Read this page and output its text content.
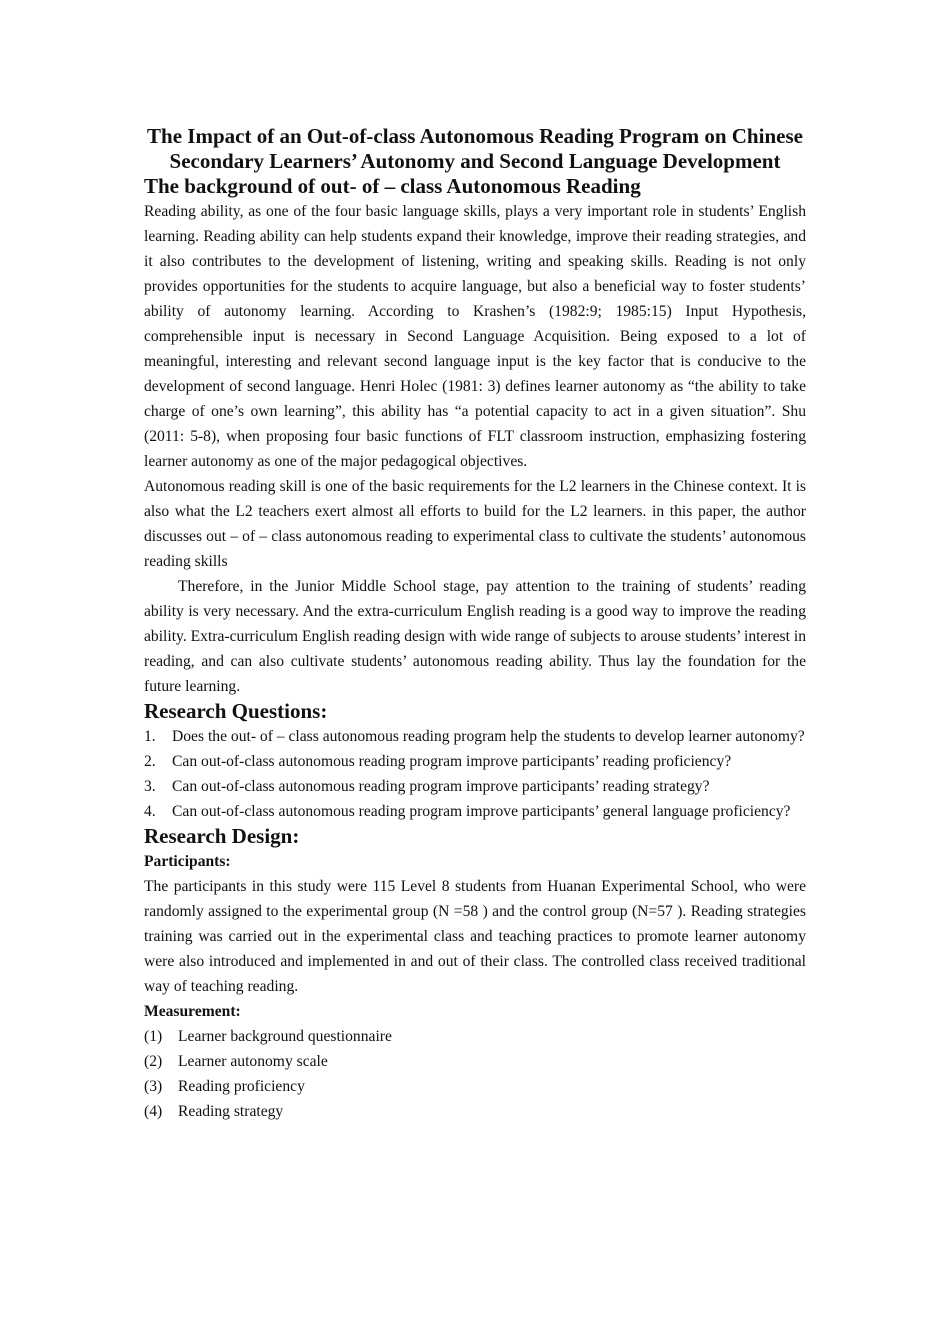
The Impact of an Out-of-class Autonomous Reading Program on Chinese Secondary Learners’ Autonomy and Second Language Development
The background of out- of – class Autonomous Reading

Reading ability, as one of the four basic language skills, plays a very important role in students’ English learning. Reading ability can help students expand their knowledge, improve their reading strategies, and it also contributes to the development of listening, writing and speaking skills. Reading is not only provides opportunities for the students to acquire language, but also a beneficial way to foster students’ ability of autonomy learning. According to Krashen’s (1982:9; 1985:15) Input Hypothesis, comprehensible input is necessary in Second Language Acquisition. Being exposed to a lot of meaningful, interesting and relevant second language input is the key factor that is conducive to the development of second language. Henri Holec (1981: 3) defines learner autonomy as “the ability to take charge of one’s own learning”, this ability has “a potential capacity to act in a given situation”. Shu (2011: 5-8), when proposing four basic functions of FLT classroom instruction, emphasizing fostering learner autonomy as one of the major pedagogical objectives.

Autonomous reading skill is one of the basic requirements for the L2 learners in the Chinese context. It is also what the L2 teachers exert almost all efforts to build for the L2 learners. in this paper, the author discusses out – of – class autonomous reading to experimental class to cultivate the students’ autonomous reading skills

Therefore, in the Junior Middle School stage, pay attention to the training of students’ reading ability is very necessary. And the extra-curriculum English reading is a good way to improve the reading ability. Extra-curriculum English reading design with wide range of subjects to arouse students’ interest in reading, and can also cultivate students’ autonomous reading ability. Thus lay the foundation for the future learning.

Research Questions:
1.	Does the out- of – class autonomous reading program help the students to develop learner autonomy?
2.	Can out-of-class autonomous reading program improve participants’ reading proficiency?
3.	Can out-of-class autonomous reading program improve participants’ reading strategy?
4.	Can out-of-class autonomous reading program improve participants’ general language proficiency?
Research Design:

Participants:

The participants in this study were 115 Level 8 students from Huanan Experimental School, who were randomly assigned to the experimental group (N =58 ) and the control group (N=57 ). Reading strategies training was carried out in the experimental class and teaching practices to promote learner autonomy were also introduced and implemented in and out of their class. The controlled class received traditional way of teaching reading.

Measurement:

(1)	Learner background questionnaire
(2)	Learner autonomy scale
(3)	Reading proficiency
(4)	Reading strategy
